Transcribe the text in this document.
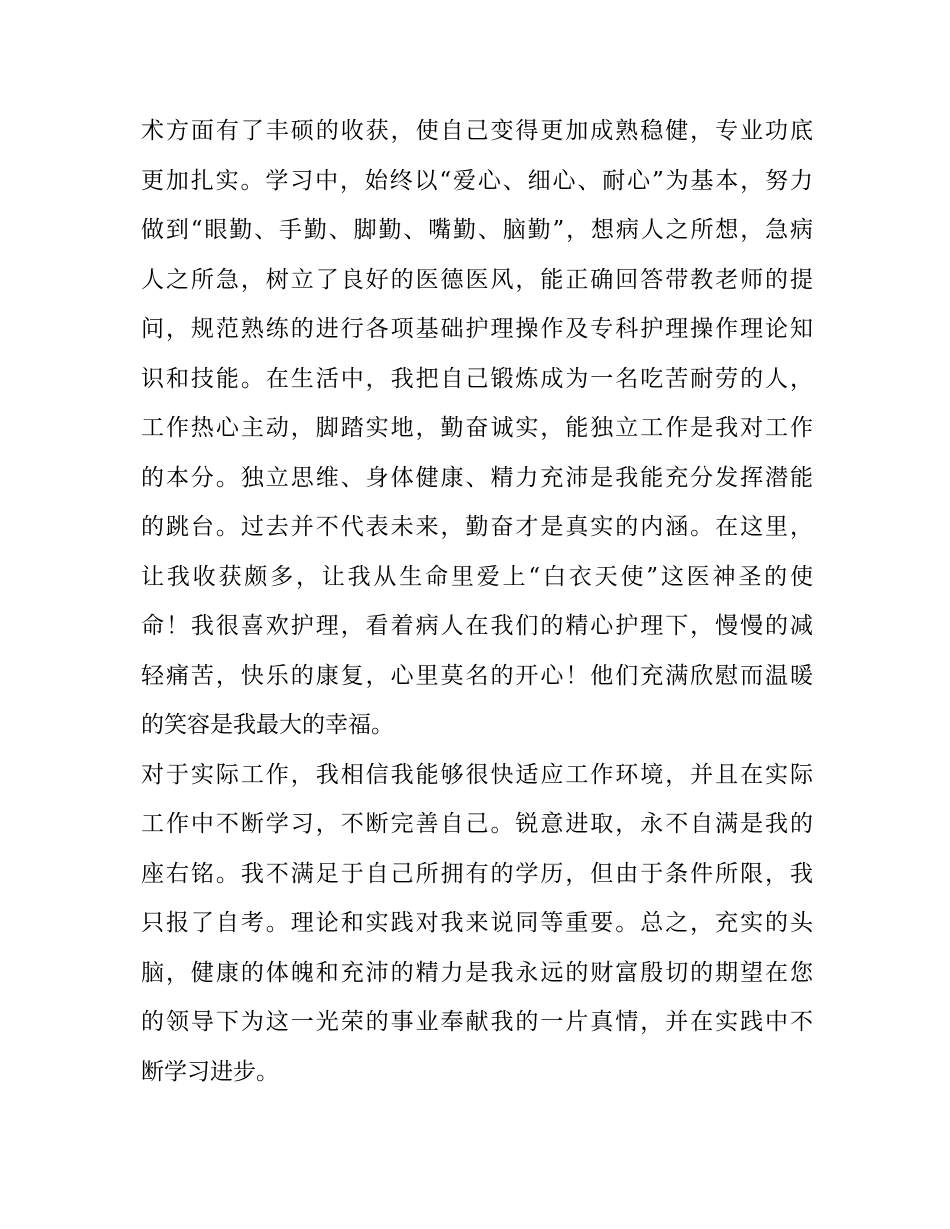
术方面有了丰硕的收获，使自己变得更加成熟稳健，专业功底
更加扎实。学习中，始终以“爱心、细心、耐心”为基本，努力
做到“眼勤、手勤、脚勤、嘴勤、脑勤”，想病人之所想，急病
人之所急，树立了良好的医德医风，能正确回答带教老师的提
问，规范熟练的进行各项基础护理操作及专科护理操作理论知
识和技能。在生活中，我把自己锻炼成为一名吃苦耐劳的人，
工作热心主动，脚踏实地，勤奋诚实，能独立工作是我对工作
的本分。独立思维、身体健康、精力充沛是我能充分发挥潜能
的跳台。过去并不代表未来，勤奋才是真实的内涵。在这里，
让我收获颇多，让我从生命里爱上“白衣天使”这医神圣的使
命！我很喜欢护理，看着病人在我们的精心护理下，慢慢的减
轻痛苦，快乐的康复，心里莫名的开心！他们充满欣慰而温暖
的笑容是我最大的幸福。
对于实际工作，我相信我能够很快适应工作环境，并且在实际
工作中不断学习，不断完善自己。锐意进取，永不自满是我的
座右铭。我不满足于自己所拥有的学历，但由于条件所限，我
只报了自考。理论和实践对我来说同等重要。总之，充实的头
脑，健康的体魄和充沛的精力是我永远的财富殷切的期望在您
的领导下为这一光荣的事业奉献我的一片真情，并在实践中不
断学习进步。
